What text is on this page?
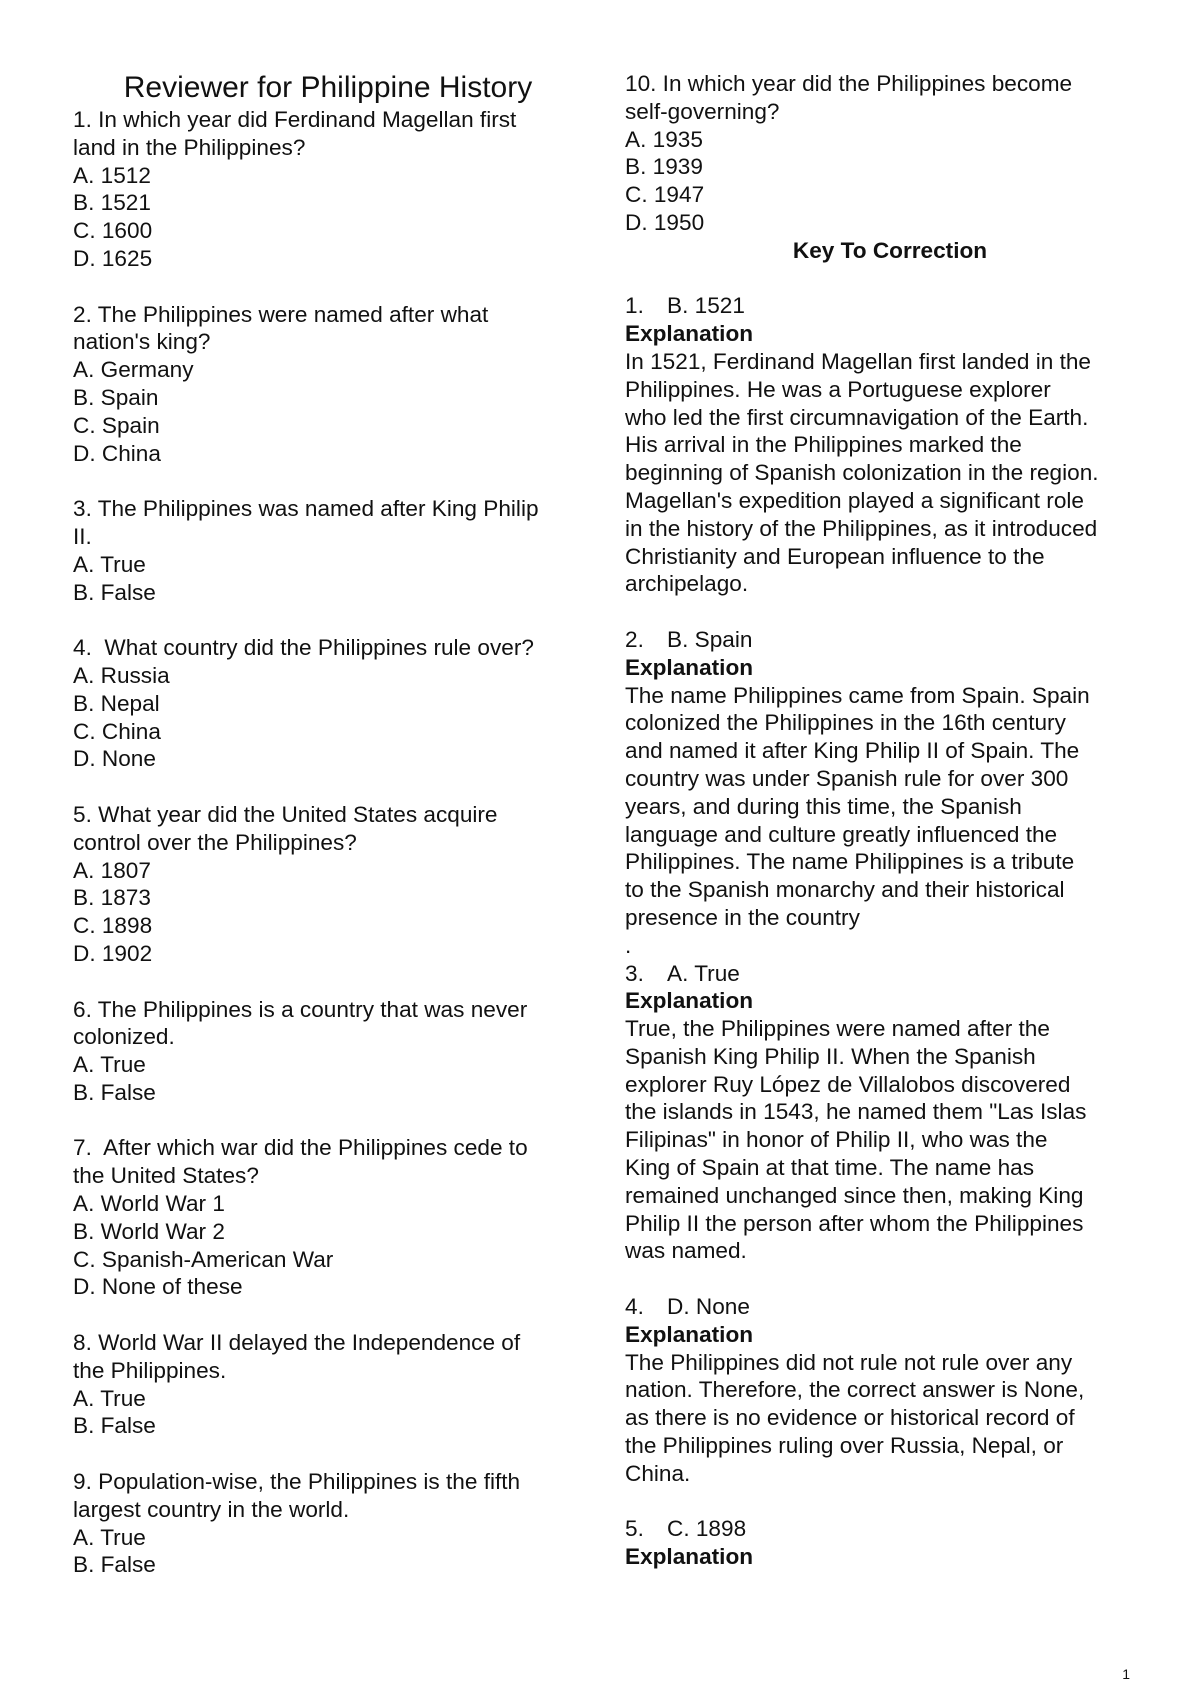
Reviewer for Philippine History
1. In which year did Ferdinand Magellan first
land in the Philippines?
A. 1512
B. 1521
C. 1600
D. 1625
2. The Philippines were named after what
nation's king?
A. Germany
B. Spain
C. Spain
D. China
3. The Philippines was named after King Philip
II.
A. True
B. False
4.  What country did the Philippines rule over?
A. Russia
B. Nepal
C. China
D. None
5. What year did the United States acquire
control over the Philippines?
A. 1807
B. 1873
C. 1898
D. 1902
6. The Philippines is a country that was never
colonized.
A. True
B. False
7.  After which war did the Philippines cede to
the United States?
A. World War 1
B. World War 2
C. Spanish-American War
D. None of these
8. World War II delayed the Independence of
the Philippines.
A. True
B. False
9. Population-wise, the Philippines is the fifth
largest country in the world.
A. True
B. False
10. In which year did the Philippines become
self-governing?
A. 1935
B. 1939
C. 1947
D. 1950
Key To Correction
1. B. 1521
Explanation
In 1521, Ferdinand Magellan first landed in the
Philippines. He was a Portuguese explorer
who led the first circumnavigation of the Earth.
His arrival in the Philippines marked the
beginning of Spanish colonization in the region.
Magellan's expedition played a significant role
in the history of the Philippines, as it introduced
Christianity and European influence to the
archipelago.
2. B. Spain
Explanation
The name Philippines came from Spain. Spain
colonized the Philippines in the 16th century
and named it after King Philip II of Spain. The
country was under Spanish rule for over 300
years, and during this time, the Spanish
language and culture greatly influenced the
Philippines. The name Philippines is a tribute
to the Spanish monarchy and their historical
presence in the country
.
3. A. True
Explanation
True, the Philippines were named after the
Spanish King Philip II. When the Spanish
explorer Ruy López de Villalobos discovered
the islands in 1543, he named them "Las Islas
Filipinas" in honor of Philip II, who was the
King of Spain at that time. The name has
remained unchanged since then, making King
Philip II the person after whom the Philippines
was named.
4. D. None
Explanation
The Philippines did not rule not rule over any
nation. Therefore, the correct answer is None,
as there is no evidence or historical record of
the Philippines ruling over Russia, Nepal, or
China.
5. C. 1898
Explanation
1
